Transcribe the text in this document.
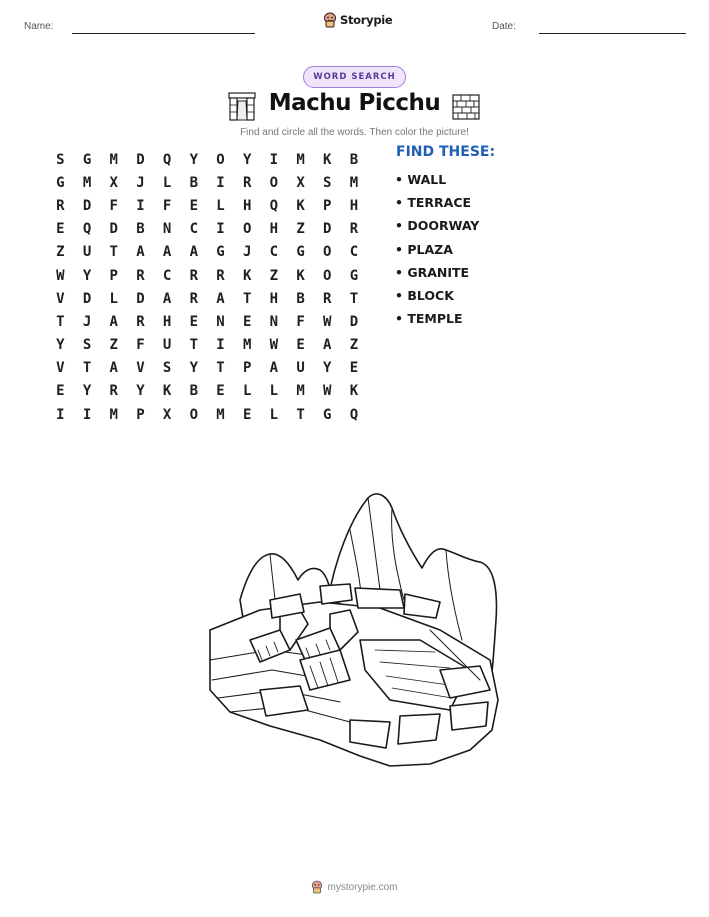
Name:	Storypie	Date:
WORD SEARCH
Machu Picchu
Find and circle all the words. Then color the picture!
S	G	M	D	Q	Y	O	Y	I	M	K	B
G	M	X	J	L	B	I	R	O	X	S	M
R	D	F	I	F	E	L	H	Q	K	P	H
E	Q	D	B	N	C	I	O	H	Z	D	R
Z	U	T	A	A	A	G	J	C	G	O	C
W	Y	P	R	C	R	R	K	Z	K	O	G
V	D	L	D	A	R	A	T	H	B	R	T
T	J	A	R	H	E	N	E	N	F	W	D
Y	S	Z	F	U	T	I	M	W	E	A	Z
V	T	A	V	S	Y	T	P	A	U	Y	E
E	Y	R	Y	K	B	E	L	L	M	W	K
I	I	M	P	X	O	M	E	L	T	G	Q
FIND THESE:
• WALL
• TERRACE
• DOORWAY
• PLAZA
• GRANITE
• BLOCK
• TEMPLE
mystorypie.com
